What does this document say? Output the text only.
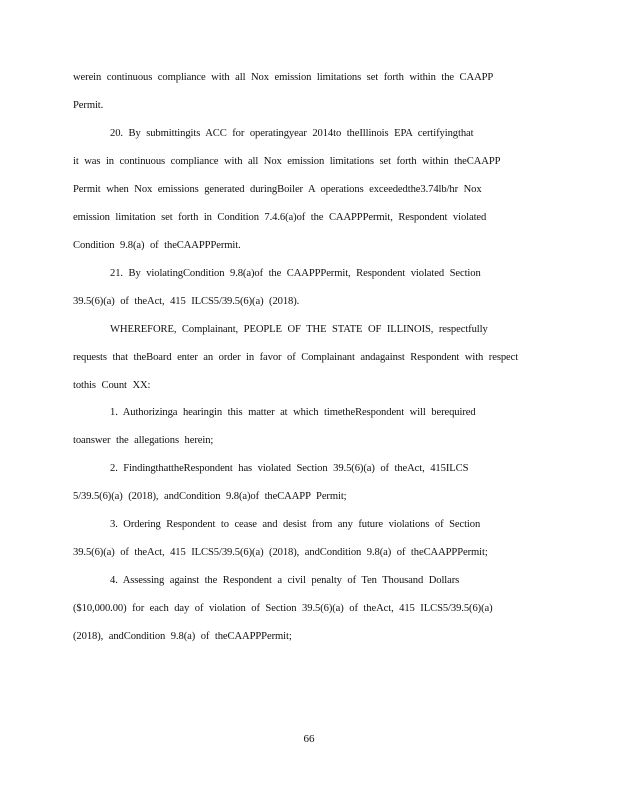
werein continuous compliance with all Nox emission limitations set forth within the CAAPP
Permit.
20. By submittingits ACC for operatingyear 2014to theIllinois EPA certifyingthat
it was in continuous compliance with all Nox emission limitations set forth within theCAAPP
Permit when Nox emissions generated duringBoiler A operations exceededthe3.74lb/hr Nox
emission limitation set forth in Condition 7.4.6(a)of the CAAPPPermit, Respondent violated
Condition 9.8(a) of theCAAPPPermit.
21. By violatingCondition 9.8(a)of the CAAPPPermit, Respondent violated Section
39.5(6)(a) of theAct, 415 ILCS5/39.5(6)(a) (2018).
WHEREFORE, Complainant, PEOPLE OF THE STATE OF ILLINOIS, respectfully
requests that theBoard enter an order in favor of Complainant andagainst Respondent with respect
tothis Count XX:
1. Authorizinga hearingin this matter at which timetheRespondent will berequired
toanswer the allegations herein;
2. FindingthattheRespondent has violated Section 39.5(6)(a) of theAct, 415ILCS
5/39.5(6)(a) (2018), andCondition 9.8(a)of theCAAPP Permit;
3. Ordering Respondent to cease and desist from any future violations of Section
39.5(6)(a) of theAct, 415 ILCS5/39.5(6)(a) (2018), andCondition 9.8(a) of theCAAPPPermit;
4. Assessing against the Respondent a civil penalty of Ten Thousand Dollars
($10,000.00) for each day of violation of Section 39.5(6)(a) of theAct, 415 ILCS5/39.5(6)(a)
(2018), andCondition 9.8(a) of theCAAPPPermit;
66
